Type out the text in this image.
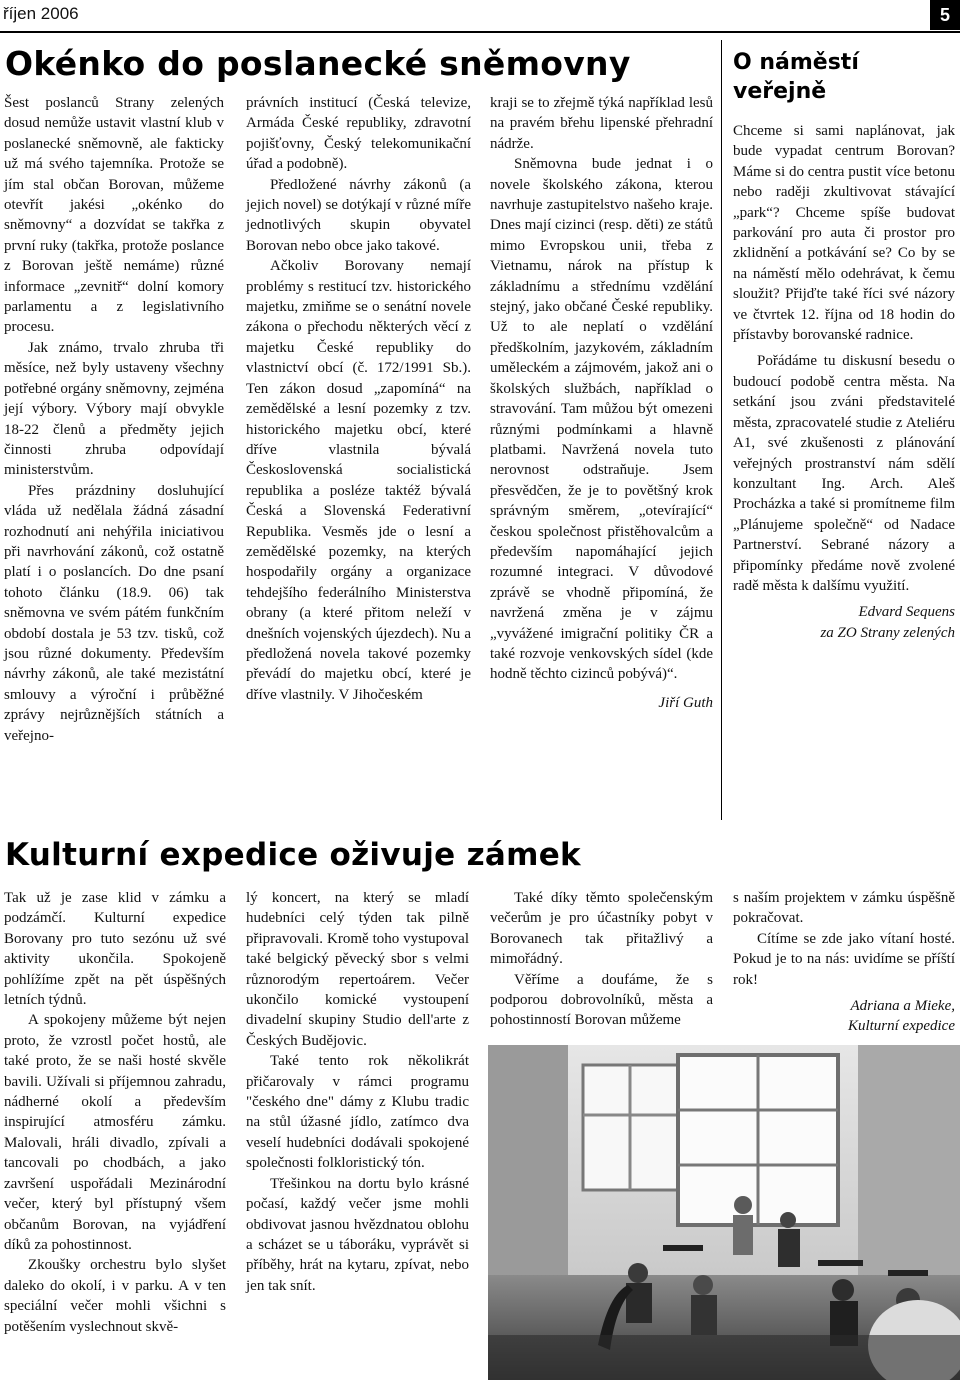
říjen 2006	5
Okénko do poslanecké sněmovny

Šest poslanců Strany zelených dosud nemůže ustavit vlastní klub v poslanecké sněmovně, ale fakticky už má svého tajemníka. Protože se jím stal občan Borovan, můžeme otevřít jakési „okénko do sněmovny“ a dozvídat se takřka z první ruky (takřka, protože poslance z Borovan ještě nemáme) různé informace „zevnitř“ dolní komory parlamentu a z legislativního procesu.

Jak známo, trvalo zhruba tři měsíce, než byly ustaveny všechny potřebné orgány sněmovny, zejména její výbory. Výbory mají obvykle 18-22 členů a předměty jejich činnosti zhruba odpovídají ministerstvům.

Přes prázdniny dosluhující vláda už nedělala žádná zásadní rozhodnutí ani nehýřila iniciativou při navrhování zákonů, což ostatně platí i o poslancích. Do dne psaní tohoto článku (18.9. 06) tak sněmovna ve svém pátém funkčním období dostala je 53 tzv. tisků, což jsou různé dokumenty. Především návrhy zákonů, ale také mezistátní smlouvy a výroční i průběžné zprávy nejrůznějších státních a veřejno-

právních institucí (Česká televize, Armáda České republiky, zdravotní pojišťovny, Český telekomunikační úřad a podobně).

Předložené návrhy zákonů (a jejich novel) se dotýkají v různé míře jednotlivých skupin obyvatel Borovan nebo obce jako takové.

Ačkoliv Borovany nemají problémy s restitucí tzv. historického majetku, zmiňme se o senátní novele zákona o přechodu některých věcí z majetku České republiky do vlastnictví obcí (č. 172/1991 Sb.). Ten zákon dosud „zapomíná“ na zemědělské a lesní pozemky z tzv. historického majetku obcí, které dříve vlastnila bývalá Československá socialistická republika a posléze taktéž bývalá Česká a Slovenská Federativní Republika. Vesměs jde o lesní a zemědělské pozemky, na kterých hospodařily orgány a organizace tehdejšího federálního Ministerstva obrany (a které přitom neleží v dnešních vojenských újezdech). Nu a předložená novela takové pozemky převádí do majetku obcí, které je dříve vlastnily. V Jihočeském

kraji se to zřejmě týká například lesů na pravém břehu lipenské přehradní nádrže.

Sněmovna bude jednat i o novele školského zákona, kterou navrhuje zastupitelstvo našeho kraje. Dnes mají cizinci (resp. děti) ze států mimo Evropskou unii, třeba z Vietnamu, nárok na přístup k základnímu a střednímu vzdělání stejný, jako občané České republiky. Už to ale neplatí o vzdělání předškolním, jazykovém, základním uměleckém a zájmovém, jakož ani o školských službách, například o stravování. Tam můžou být omezeni různými podmínkami a hlavně platbami. Navržená novela tuto nerovnost odstraňuje. Jsem přesvědčen, že je to povětšný krok správným směrem, „otevírající“ českou společnost přistěhovalcům a především napomáhající jejich rozumné integraci. V důvodové zprávě se vhodně připomíná, že navržená změna je v zájmu „vyvážené imigrační politiky ČR a také rozvoje venkovských sídel (kde hodně těchto cizinců pobývá)“.

Jiří Guth

O náměstí veřejně

Chceme si sami naplánovat, jak bude vypadat centrum Borovan? Máme si do centra pustit více betonu nebo raději zkultivovat stávající „park“? Chceme spíše budovat parkování pro auta či prostor pro zklidnění a potkávání se? Co by se na náměstí mělo odehrávat, k čemu sloužit? Přijďte také říci své názory ve čtvrtek 12. října od 18 hodin do přístavby borovanské radnice.

Pořádáme tu diskusní besedu o budoucí podobě centra města. Na setkání jsou zváni představitelé města, zpracovatelé studie z Ateliéru A1, své zkušenosti z plánování veřejných prostranství nám sdělí konzultant Ing. Arch. Aleš Procházka a také si promítneme film „Plánujeme společně“ od Nadace Partnerství. Sebrané názory a připomínky předáme nově zvolené radě města k dalšímu využití.

Edvard Sequens

za ZO Strany zelených

Kulturní expedice oživuje zámek

Tak už je zase klid v zámku a podzámčí. Kulturní expedice Borovany pro tuto sezónu už své aktivity ukončila. Spokojeně pohlížíme zpět na pět úspěšných letních týdnů.

A spokojeny můžeme být nejen proto, že vzrostl počet hostů, ale také proto, že se naši hosté skvěle bavili. Užívali si příjemnou zahradu, nádherné okolí a především inspirující atmosféru zámku. Malovali, hráli divadlo, zpívali a tancovali po chodbách, a jako završení uspořádali Mezinárodní večer, který byl přístupný všem občanům Borovan, na vyjádření díků za pohostinnost.

Zkoušky orchestru bylo slyšet daleko do okolí, i v parku. A v ten speciální večer mohli všichni s potěšením vyslechnout skvě-

lý koncert, na který se mladí hudebníci celý týden tak pilně připravovali. Kromě toho vystupoval také belgický pěvecký sbor s velmi různorodým repertoárem. Večer ukončilo komické vystoupení divadelní skupiny Studio dell'arte z Českých Budějovic.

Také tento rok několikrát přičarovaly v rámci programu "českého dne" dámy z Klubu tradic na stůl úžasné jídlo, zatímco dva veselí hudebníci dodávali spokojené společnosti folkloristický tón.

Třešinkou na dortu bylo krásné počasí, každý večer jsme mohli obdivovat jasnou hvězdnatou oblohu a scházet se u táboráku, vyprávět si příběhy, hrát na kytaru, zpívat, nebo jen tak snít.

Také díky těmto společenským večerům je pro účastníky pobyt v Borovanech tak přitažlivý a mimořádný.

Věříme a doufáme, že s podporou dobrovolníků, města a pohostinností Borovan můžeme

s naším projektem v zámku úspěšně pokračovat.

Cítíme se zde jako vítaní hosté. Pokud je to na nás: uvidíme se příští rok!

Adriana a Mieke,

Kulturní expedice
